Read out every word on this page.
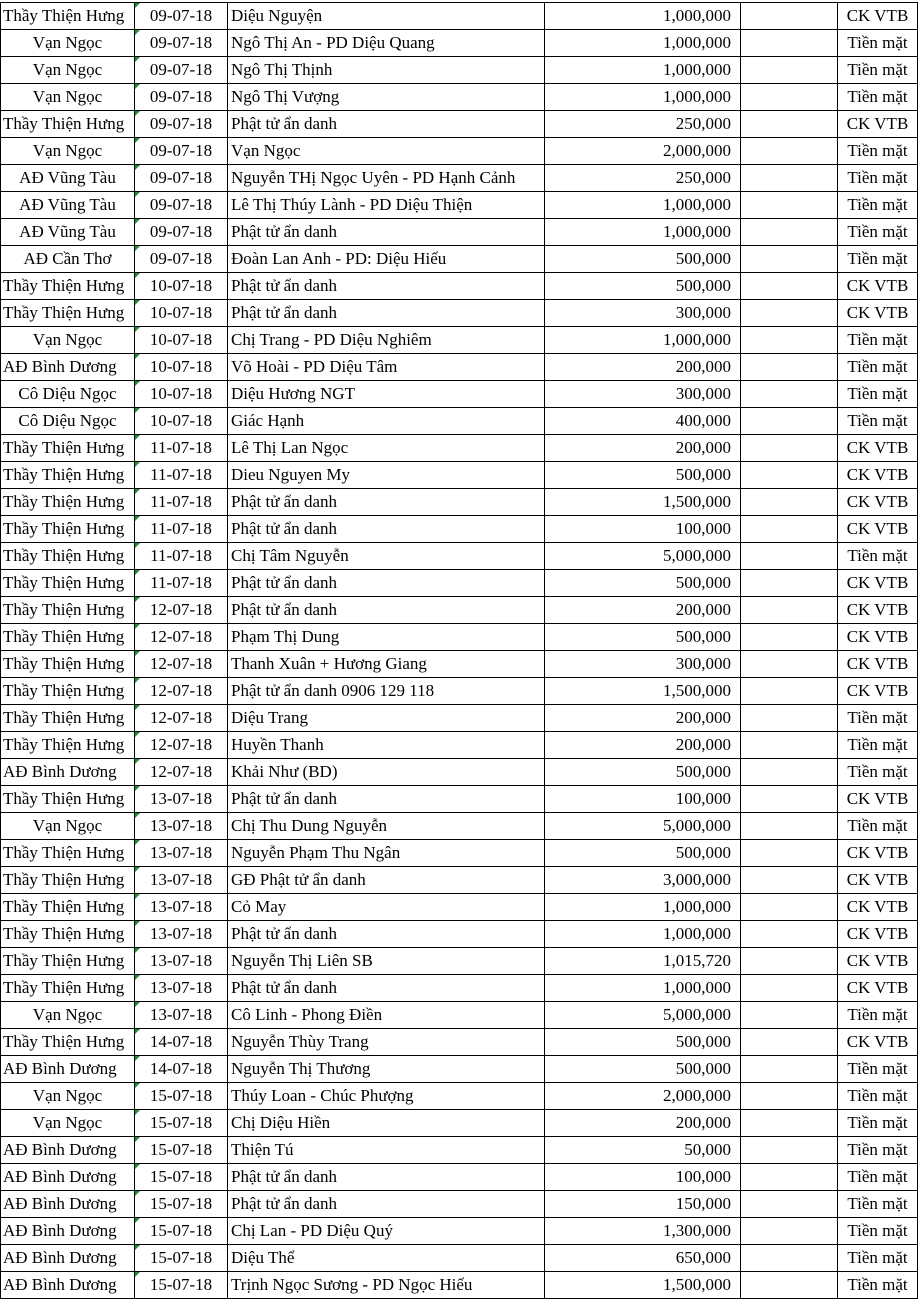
Thầy Thiện Hưng	09-07-18	Diệu Nguyện	1,000,000		CK VTB
Vạn Ngọc	09-07-18	Ngô Thị An - PD Diệu Quang	1,000,000		Tiền mặt
Vạn Ngọc	09-07-18	Ngô Thị Thịnh	1,000,000		Tiền mặt
Vạn Ngọc	09-07-18	Ngô Thị Vượng	1,000,000		Tiền mặt
Thầy Thiện Hưng	09-07-18	Phật tử ẩn danh	250,000		CK VTB
Vạn Ngọc	09-07-18	Vạn Ngọc	2,000,000		Tiền mặt
AĐ Vũng Tàu	09-07-18	Nguyễn THị Ngọc Uyên - PD Hạnh Cảnh	250,000		Tiền mặt
AĐ Vũng Tàu	09-07-18	Lê Thị Thúy Lành - PD Diệu Thiện	1,000,000		Tiền mặt
AĐ Vũng Tàu	09-07-18	Phật tử ẩn danh	1,000,000		Tiền mặt
AĐ Cần Thơ	09-07-18	Đoàn Lan Anh - PD: Diệu Hiếu	500,000		Tiền mặt
Thầy Thiện Hưng	10-07-18	Phật tử ẩn danh	500,000		CK VTB
Thầy Thiện Hưng	10-07-18	Phật tử ẩn danh	300,000		CK VTB
Vạn Ngọc	10-07-18	Chị Trang - PD Diệu Nghiêm	1,000,000		Tiền mặt
AĐ Bình Dương	10-07-18	Võ Hoài - PD Diệu Tâm	200,000		Tiền mặt
Cô Diệu Ngọc	10-07-18	Diệu Hương NGT	300,000		Tiền mặt
Cô Diệu Ngọc	10-07-18	Giác Hạnh	400,000		Tiền mặt
Thầy Thiện Hưng	11-07-18	Lê Thị Lan Ngọc	200,000		CK VTB
Thầy Thiện Hưng	11-07-18	Dieu Nguyen My	500,000		CK VTB
Thầy Thiện Hưng	11-07-18	Phật tử ẩn danh	1,500,000		CK VTB
Thầy Thiện Hưng	11-07-18	Phật tử ẩn danh	100,000		CK VTB
Thầy Thiện Hưng	11-07-18	Chị Tâm Nguyễn	5,000,000		Tiền mặt
Thầy Thiện Hưng	11-07-18	Phật tử ẩn danh	500,000		CK VTB
Thầy Thiện Hưng	12-07-18	Phật tử ẩn danh	200,000		CK VTB
Thầy Thiện Hưng	12-07-18	Phạm Thị Dung	500,000		CK VTB
Thầy Thiện Hưng	12-07-18	Thanh Xuân + Hương Giang	300,000		CK VTB
Thầy Thiện Hưng	12-07-18	Phật tử ẩn danh 0906 129 118	1,500,000		CK VTB
Thầy Thiện Hưng	12-07-18	Diệu Trang	200,000		Tiền mặt
Thầy Thiện Hưng	12-07-18	Huyền Thanh	200,000		Tiền mặt
AĐ Bình Dương	12-07-18	Khải Như (BD)	500,000		Tiền mặt
Thầy Thiện Hưng	13-07-18	Phật tử ẩn danh	100,000		CK VTB
Vạn Ngọc	13-07-18	Chị Thu Dung Nguyễn	5,000,000		Tiền mặt
Thầy Thiện Hưng	13-07-18	Nguyễn Phạm Thu Ngân	500,000		CK VTB
Thầy Thiện Hưng	13-07-18	GĐ Phật tử ẩn danh	3,000,000		CK VTB
Thầy Thiện Hưng	13-07-18	Cỏ May	1,000,000		CK VTB
Thầy Thiện Hưng	13-07-18	Phật tử ẩn danh	1,000,000		CK VTB
Thầy Thiện Hưng	13-07-18	Nguyễn Thị Liên SB	1,015,720		CK VTB
Thầy Thiện Hưng	13-07-18	Phật tử ẩn danh	1,000,000		CK VTB
Vạn Ngọc	13-07-18	Cô Linh - Phong Điền	5,000,000		Tiền mặt
Thầy Thiện Hưng	14-07-18	Nguyễn Thùy Trang	500,000		CK VTB
AĐ Bình Dương	14-07-18	Nguyễn Thị Thương	500,000		Tiền mặt
Vạn Ngọc	15-07-18	Thúy Loan - Chúc Phượng	2,000,000		Tiền mặt
Vạn Ngọc	15-07-18	Chị Diệu Hiền	200,000		Tiền mặt
AĐ Bình Dương	15-07-18	Thiện Tú	50,000		Tiền mặt
AĐ Bình Dương	15-07-18	Phật tử ẩn danh	100,000		Tiền mặt
AĐ Bình Dương	15-07-18	Phật tử ẩn danh	150,000		Tiền mặt
AĐ Bình Dương	15-07-18	Chị Lan - PD Diệu Quý	1,300,000		Tiền mặt
AĐ Bình Dương	15-07-18	Diệu Thể	650,000		Tiền mặt
AĐ Bình Dương	15-07-18	Trịnh Ngọc Sương - PD Ngọc Hiếu	1,500,000		Tiền mặt
